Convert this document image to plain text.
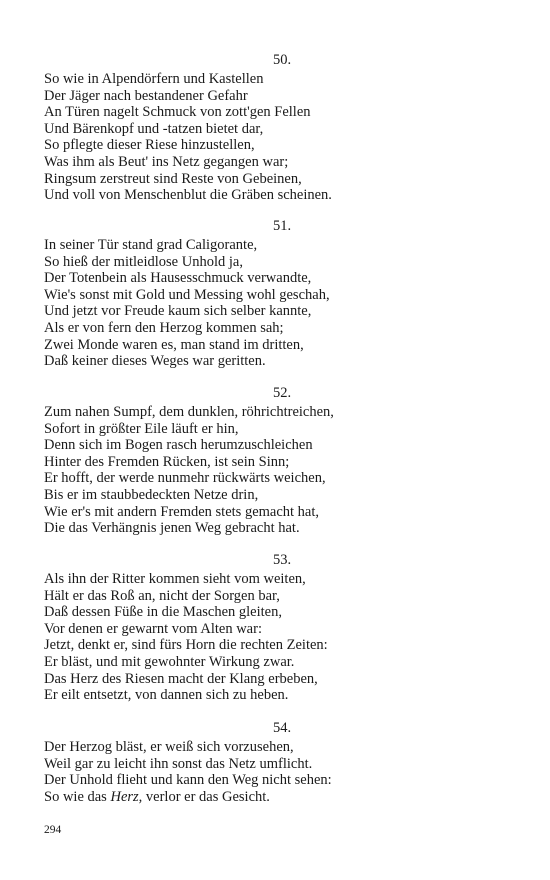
50.
So wie in Alpendörfern und Kastellen
Der Jäger nach bestandener Gefahr
An Türen nagelt Schmuck von zott'gen Fellen
Und Bärenkopf und -tatzen bietet dar,
So pflegte dieser Riese hinzustellen,
Was ihm als Beut' ins Netz gegangen war;
Ringsum zerstreut sind Reste von Gebeinen,
Und voll von Menschenblut die Gräben scheinen.
51.
In seiner Tür stand grad Caligorante,
So hieß der mitleidlose Unhold ja,
Der Totenbein als Hausesschmuck verwandte,
Wie's sonst mit Gold und Messing wohl geschah,
Und jetzt vor Freude kaum sich selber kannte,
Als er von fern den Herzog kommen sah;
Zwei Monde waren es, man stand im dritten,
Daß keiner dieses Weges war geritten.
52.
Zum nahen Sumpf, dem dunklen, röhrichtreichen,
Sofort in größter Eile läuft er hin,
Denn sich im Bogen rasch herumzuschleichen
Hinter des Fremden Rücken, ist sein Sinn;
Er hofft, der werde nunmehr rückwärts weichen,
Bis er im staubbedeckten Netze drin,
Wie er's mit andern Fremden stets gemacht hat,
Die das Verhängnis jenen Weg gebracht hat.
53.
Als ihn der Ritter kommen sieht vom weiten,
Hält er das Roß an, nicht der Sorgen bar,
Daß dessen Füße in die Maschen gleiten,
Vor denen er gewarnt vom Alten war:
Jetzt, denkt er, sind fürs Horn die rechten Zeiten:
Er bläst, und mit gewohnter Wirkung zwar.
Das Herz des Riesen macht der Klang erbeben,
Er eilt entsetzt, von dannen sich zu heben.
54.
Der Herzog bläst, er weiß sich vorzusehen,
Weil gar zu leicht ihn sonst das Netz umflicht.
Der Unhold flieht und kann den Weg nicht sehen:
So wie das Herz, verlor er das Gesicht.
294
